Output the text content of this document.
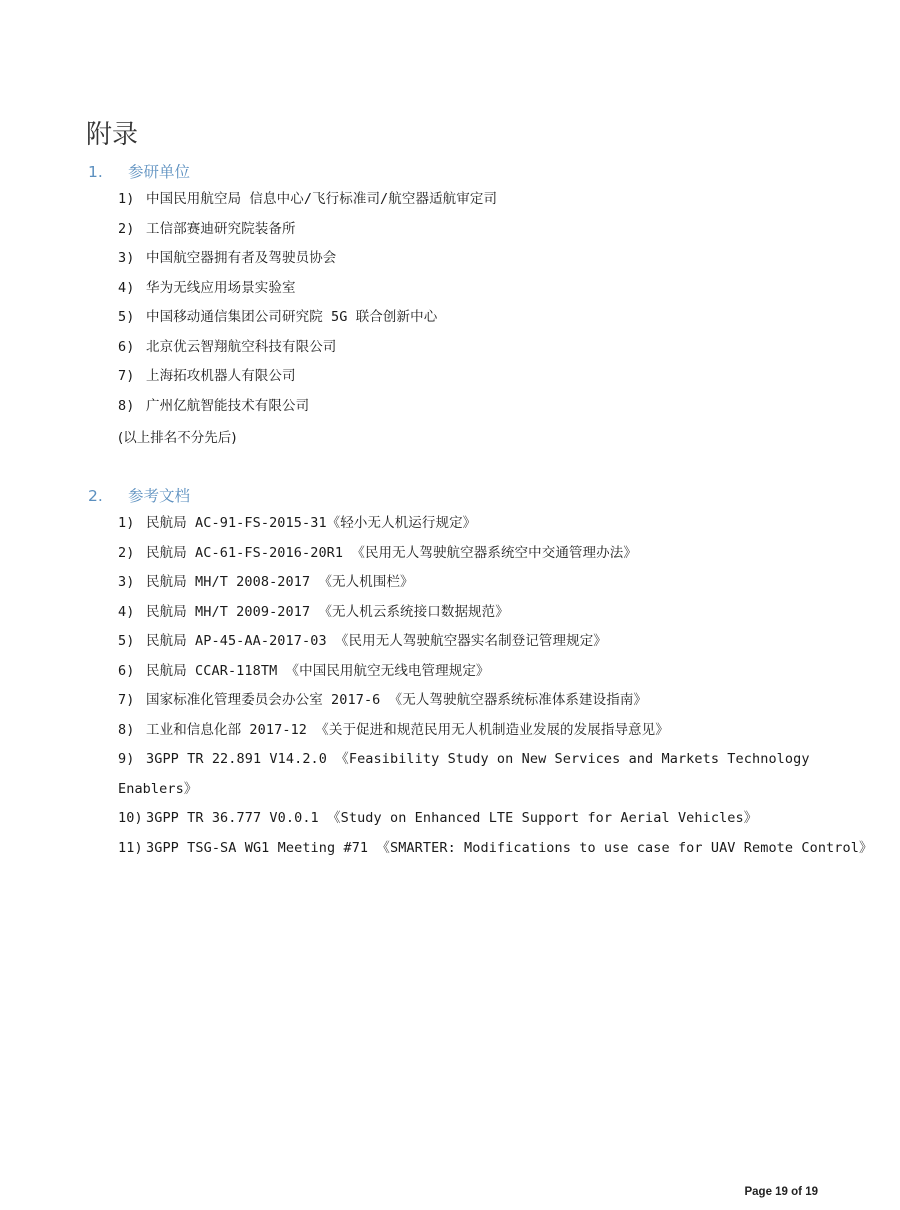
附录
1. 参研单位
1) 中国民用航空局 信息中心/飞行标准司/航空器适航审定司
2) 工信部赛迪研究院装备所
3) 中国航空器拥有者及驾驶员协会
4) 华为无线应用场景实验室
5) 中国移动通信集团公司研究院 5G 联合创新中心
6) 北京优云智翔航空科技有限公司
7) 上海拓攻机器人有限公司
8) 广州亿航智能技术有限公司
(以上排名不分先后)
2. 参考文档
1) 民航局 AC-91-FS-2015-31《轻小无人机运行规定》
2) 民航局 AC-61-FS-2016-20R1 《民用无人驾驶航空器系统空中交通管理办法》
3) 民航局 MH/T 2008-2017 《无人机围栏》
4) 民航局 MH/T 2009-2017 《无人机云系统接口数据规范》
5) 民航局 AP-45-AA-2017-03 《民用无人驾驶航空器实名制登记管理规定》
6) 民航局 CCAR-118TM 《中国民用航空无线电管理规定》
7) 国家标准化管理委员会办公室 2017-6 《无人驾驶航空器系统标准体系建设指南》
8) 工业和信息化部 2017-12 《关于促进和规范民用无人机制造业发展的发展指导意见》
9) 3GPP TR 22.891 V14.2.0 《Feasibility Study on New Services and Markets Technology Enablers》
10) 3GPP TR 36.777 V0.0.1 《Study on Enhanced LTE Support for Aerial Vehicles》
11) 3GPP TSG-SA WG1 Meeting #71 《SMARTER: Modifications to use case for UAV Remote Control》
Page 19 of 19
